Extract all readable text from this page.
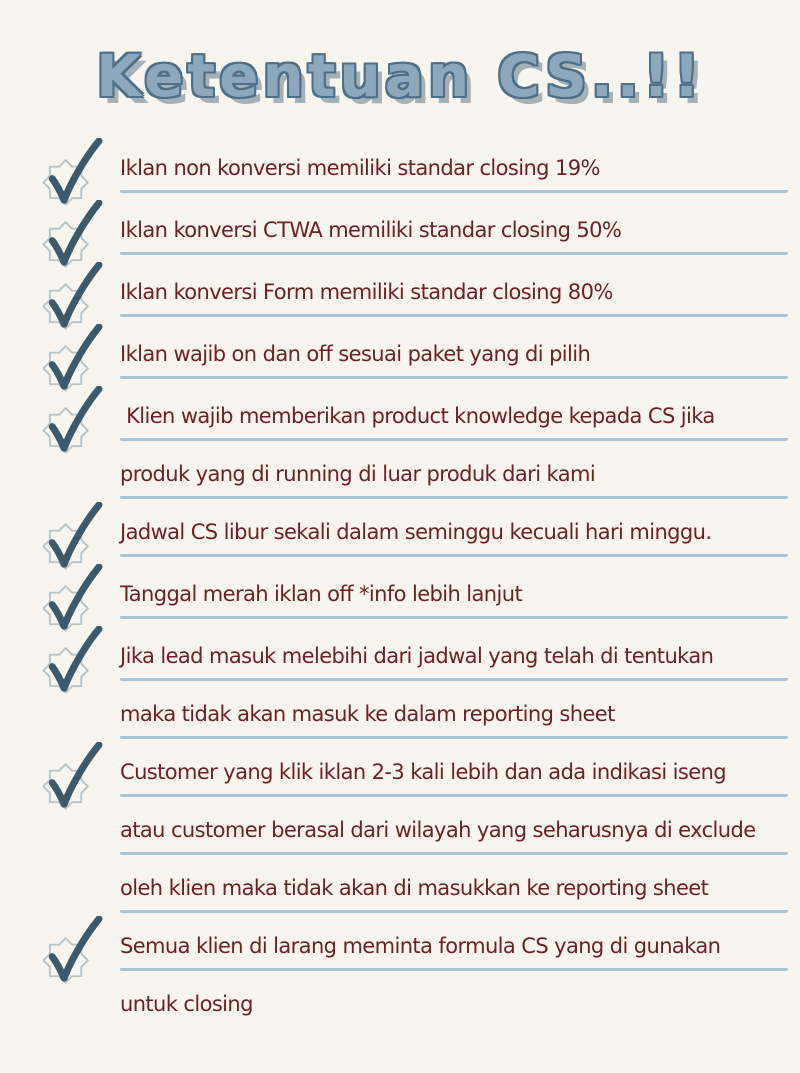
Ketentuan CS..!!
Iklan non konversi memiliki standar closing 19%
Iklan konversi CTWA memiliki standar closing 50%
Iklan konversi Form memiliki standar closing 80%
Iklan wajib on dan off sesuai paket yang di pilih
Klien wajib memberikan product knowledge kepada CS jika
produk yang di running di luar produk dari kami
Jadwal CS libur sekali dalam seminggu kecuali hari minggu.
Tanggal merah iklan off *info lebih lanjut
Jika lead masuk melebihi dari jadwal yang telah di tentukan
maka tidak akan masuk ke dalam reporting sheet
Customer yang klik iklan 2-3 kali lebih dan ada indikasi iseng
atau customer berasal dari wilayah yang seharusnya di exclude
oleh klien maka tidak akan di masukkan ke reporting sheet
Semua klien di larang meminta formula CS yang di gunakan
untuk closing
